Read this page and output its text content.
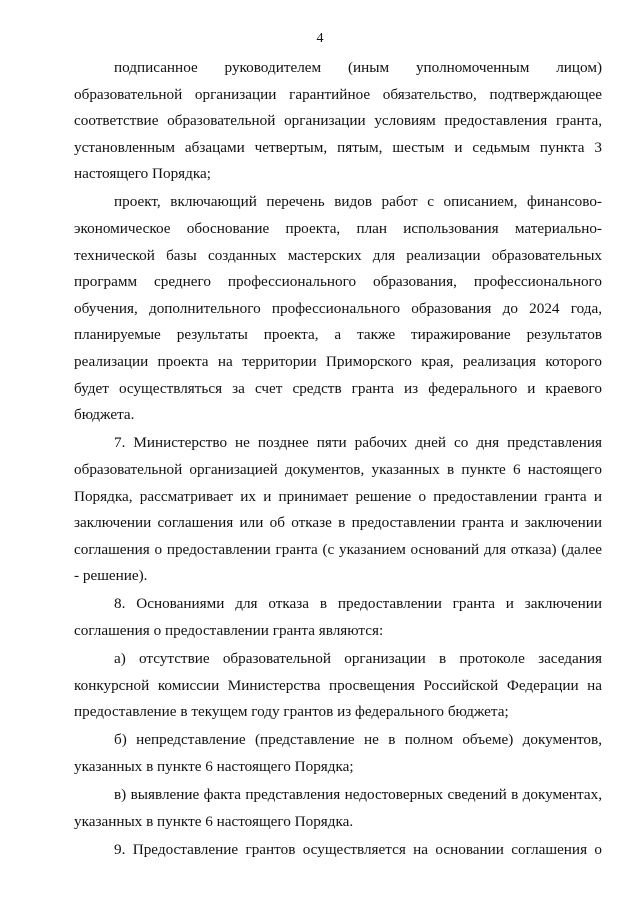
4

подписанное руководителем (иным уполномоченным лицом) образовательной организации гарантийное обязательство, подтверждающее соответствие образовательной организации условиям предоставления гранта, установленным абзацами четвертым, пятым, шестым и седьмым пункта 3 настоящего Порядка;

проект, включающий перечень видов работ с описанием, финансово-экономическое обоснование проекта, план использования материально-технической базы созданных мастерских для реализации образовательных программ среднего профессионального образования, профессионального обучения, дополнительного профессионального образования до 2024 года, планируемые результаты проекта, а также тиражирование результатов реализации проекта на территории Приморского края, реализация которого будет осуществляться за счет средств гранта из федерального и краевого бюджета.

7. Министерство не позднее пяти рабочих дней со дня представления образовательной организацией документов, указанных в пункте 6 настоящего Порядка, рассматривает их и принимает решение о предоставлении гранта и заключении соглашения или об отказе в предоставлении гранта и заключении соглашения о предоставлении гранта (с указанием оснований для отказа) (далее - решение).

8. Основаниями для отказа в предоставлении гранта и заключении соглашения о предоставлении гранта являются:

а) отсутствие образовательной организации в протоколе заседания конкурсной комиссии Министерства просвещения Российской Федерации на предоставление в текущем году грантов из федерального бюджета;

б) непредставление (представление не в полном объеме) документов, указанных в пункте 6 настоящего Порядка;

в) выявление факта представления недостоверных сведений в документах, указанных в пункте 6 настоящего Порядка.

9. Предоставление грантов осуществляется на основании соглашения о
